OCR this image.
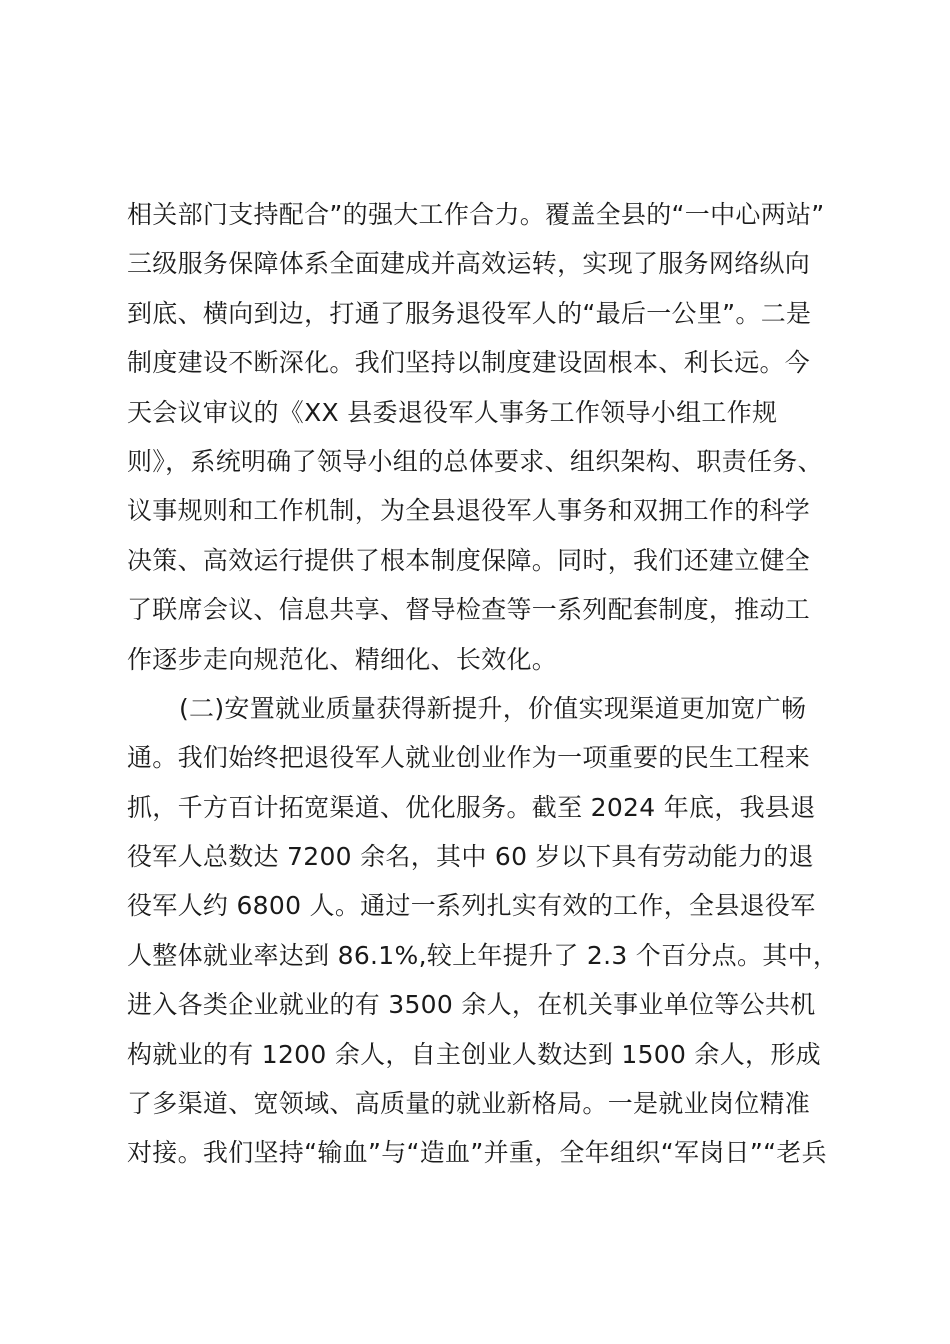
相关部门支持配合”的强大工作合力。覆盖全县的“一中心两站”
三级服务保障体系全面建成并高效运转，实现了服务网络纵向
到底、横向到边，打通了服务退役军人的“最后一公里”。二是
制度建设不断深化。我们坚持以制度建设固根本、利长远。今
天会议审议的《XX 县委退役军人事务工作领导小组工作规
则》，系统明确了领导小组的总体要求、组织架构、职责任务、
议事规则和工作机制，为全县退役军人事务和双拥工作的科学
决策、高效运行提供了根本制度保障。同时，我们还建立健全
了联席会议、信息共享、督导检查等一系列配套制度，推动工
作逐步走向规范化、精细化、长效化。
(二)安置就业质量获得新提升，价值实现渠道更加宽广畅
通。我们始终把退役军人就业创业作为一项重要的民生工程来
抓，千方百计拓宽渠道、优化服务。截至 2024 年底，我县退
役军人总数达 7200 余名，其中 60 岁以下具有劳动能力的退
役军人约 6800 人。通过一系列扎实有效的工作，全县退役军
人整体就业率达到 86.1%,较上年提升了 2.3 个百分点。其中，
进入各类企业就业的有 3500 余人，在机关事业单位等公共机
构就业的有 1200 余人，自主创业人数达到 1500 余人，形成
了多渠道、宽领域、高质量的就业新格局。一是就业岗位精准
对接。我们坚持“输血”与“造血”并重，全年组织“军岗日”“老兵
